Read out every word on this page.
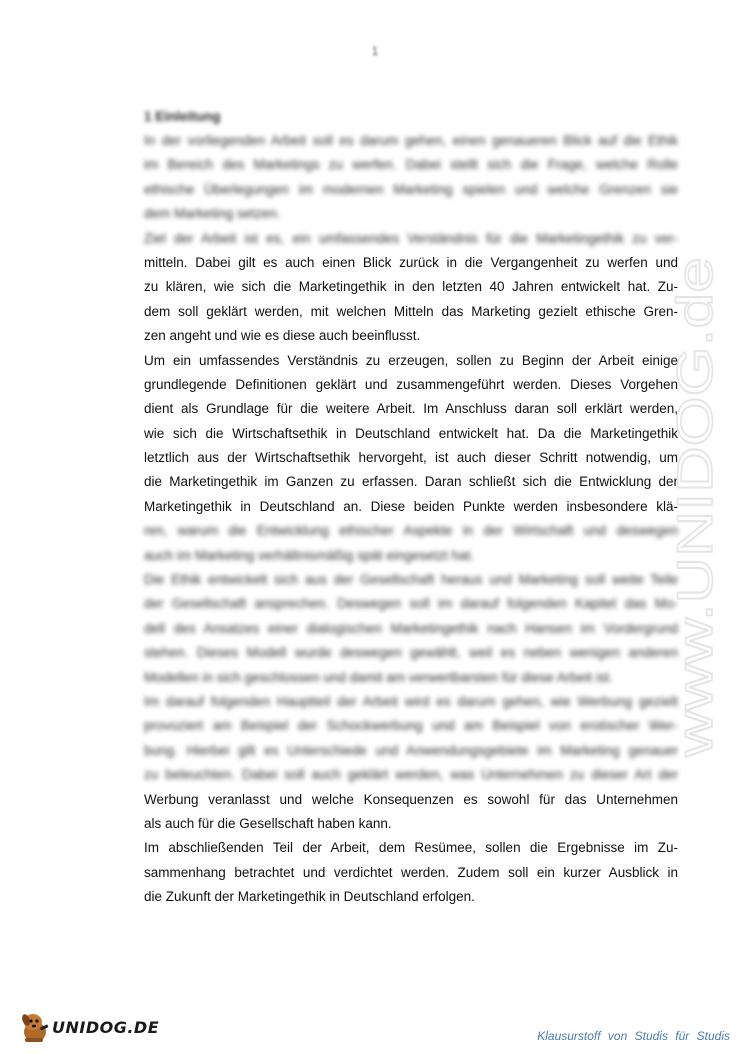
1
1 Einleitung
In der vorliegenden Arbeit soll es darum gehen, einen genaueren Blick auf die Ethik
im Bereich des Marketings zu werfen. Dabei stellt sich die Frage, welche Rolle
ethische Überlegungen im modernen Marketing spielen und welche Grenzen sie
dem Marketing setzen.
Ziel der Arbeit ist es, ein umfassendes Verständnis für die Marketingethik zu ver-
mitteln. Dabei gilt es auch einen Blick zurück in die Vergangenheit zu werfen und
zu klären, wie sich die Marketingethik in den letzten 40 Jahren entwickelt hat. Zu-
dem soll geklärt werden, mit welchen Mitteln das Marketing gezielt ethische Gren-
zen angeht und wie es diese auch beeinflusst.
Um ein umfassendes Verständnis zu erzeugen, sollen zu Beginn der Arbeit einige
grundlegende Definitionen geklärt und zusammengeführt werden. Dieses Vorgehen
dient als Grundlage für die weitere Arbeit. Im Anschluss daran soll erklärt werden,
wie sich die Wirtschaftsethik in Deutschland entwickelt hat. Da die Marketingethik
letztlich aus der Wirtschaftsethik hervorgeht, ist auch dieser Schritt notwendig, um
die Marketingethik im Ganzen zu erfassen. Daran schließt sich die Entwicklung der
Marketingethik in Deutschland an. Diese beiden Punkte werden insbesondere klä-
ren, warum die Entwicklung ethischer Aspekte in der Wirtschaft und deswegen
auch im Marketing verhältnismäßig spät eingesetzt hat.
Die Ethik entwickelt sich aus der Gesellschaft heraus und Marketing soll weite Teile
der Gesellschaft ansprechen. Deswegen soll im darauf folgenden Kapitel das Mo-
dell des Ansatzes einer dialogischen Marketingethik nach Hansen im Vordergrund
stehen. Dieses Modell wurde deswegen gewählt, weil es neben wenigen anderen
Modellen in sich geschlossen und damit am verwertbarsten für diese Arbeit ist.
Im darauf folgenden Hauptteil der Arbeit wird es darum gehen, wie Werbung gezielt
provoziert am Beispiel der Schockwerbung und am Beispiel von erotischer Wer-
bung. Hierbei gilt es Unterschiede und Anwendungsgebiete im Marketing genauer
zu beleuchten. Dabei soll auch geklärt werden, was Unternehmen zu dieser Art der
Werbung veranlasst und welche Konsequenzen es sowohl für das Unternehmen
als auch für die Gesellschaft haben kann.
Im abschließenden Teil der Arbeit, dem Resümee, sollen die Ergebnisse im Zu-
sammenhang betrachtet und verdichtet werden. Zudem soll ein kurzer Ausblick in
die Zukunft der Marketingethik in Deutschland erfolgen.
www.UNIDOG.de
UNIDOG.DE	Klausurstoff von Studis für Studis
